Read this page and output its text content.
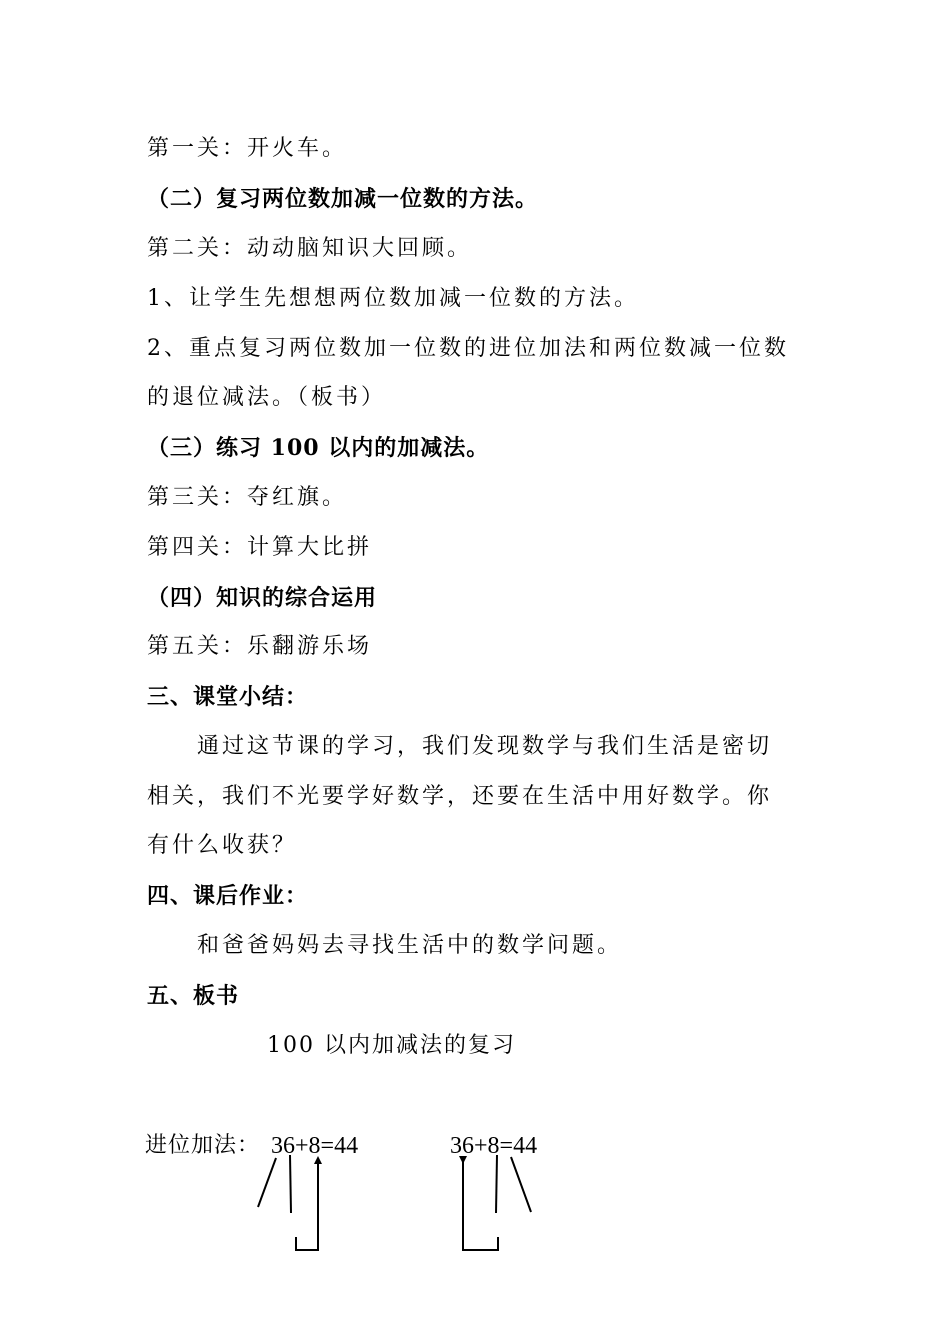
第一关：开火车。
（二）复习两位数加减一位数的方法。
第二关：动动脑知识大回顾。
1、让学生先想想两位数加减一位数的方法。
2、重点复习两位数加一位数的进位加法和两位数减一位数
的退位减法。（板书）
（三）练习 100 以内的加减法。
第三关：夺红旗。
第四关：计算大比拼
（四）知识的综合运用
第五关：乐翻游乐场
三、课堂小结：
通过这节课的学习，我们发现数学与我们生活是密切
相关，我们不光要学好数学，还要在生活中用好数学。你
有什么收获？
四、课后作业：
和爸爸妈妈去寻找生活中的数学问题。
五、板书
100 以内加减法的复习
进位加法： 36+8=44	36+8=44
